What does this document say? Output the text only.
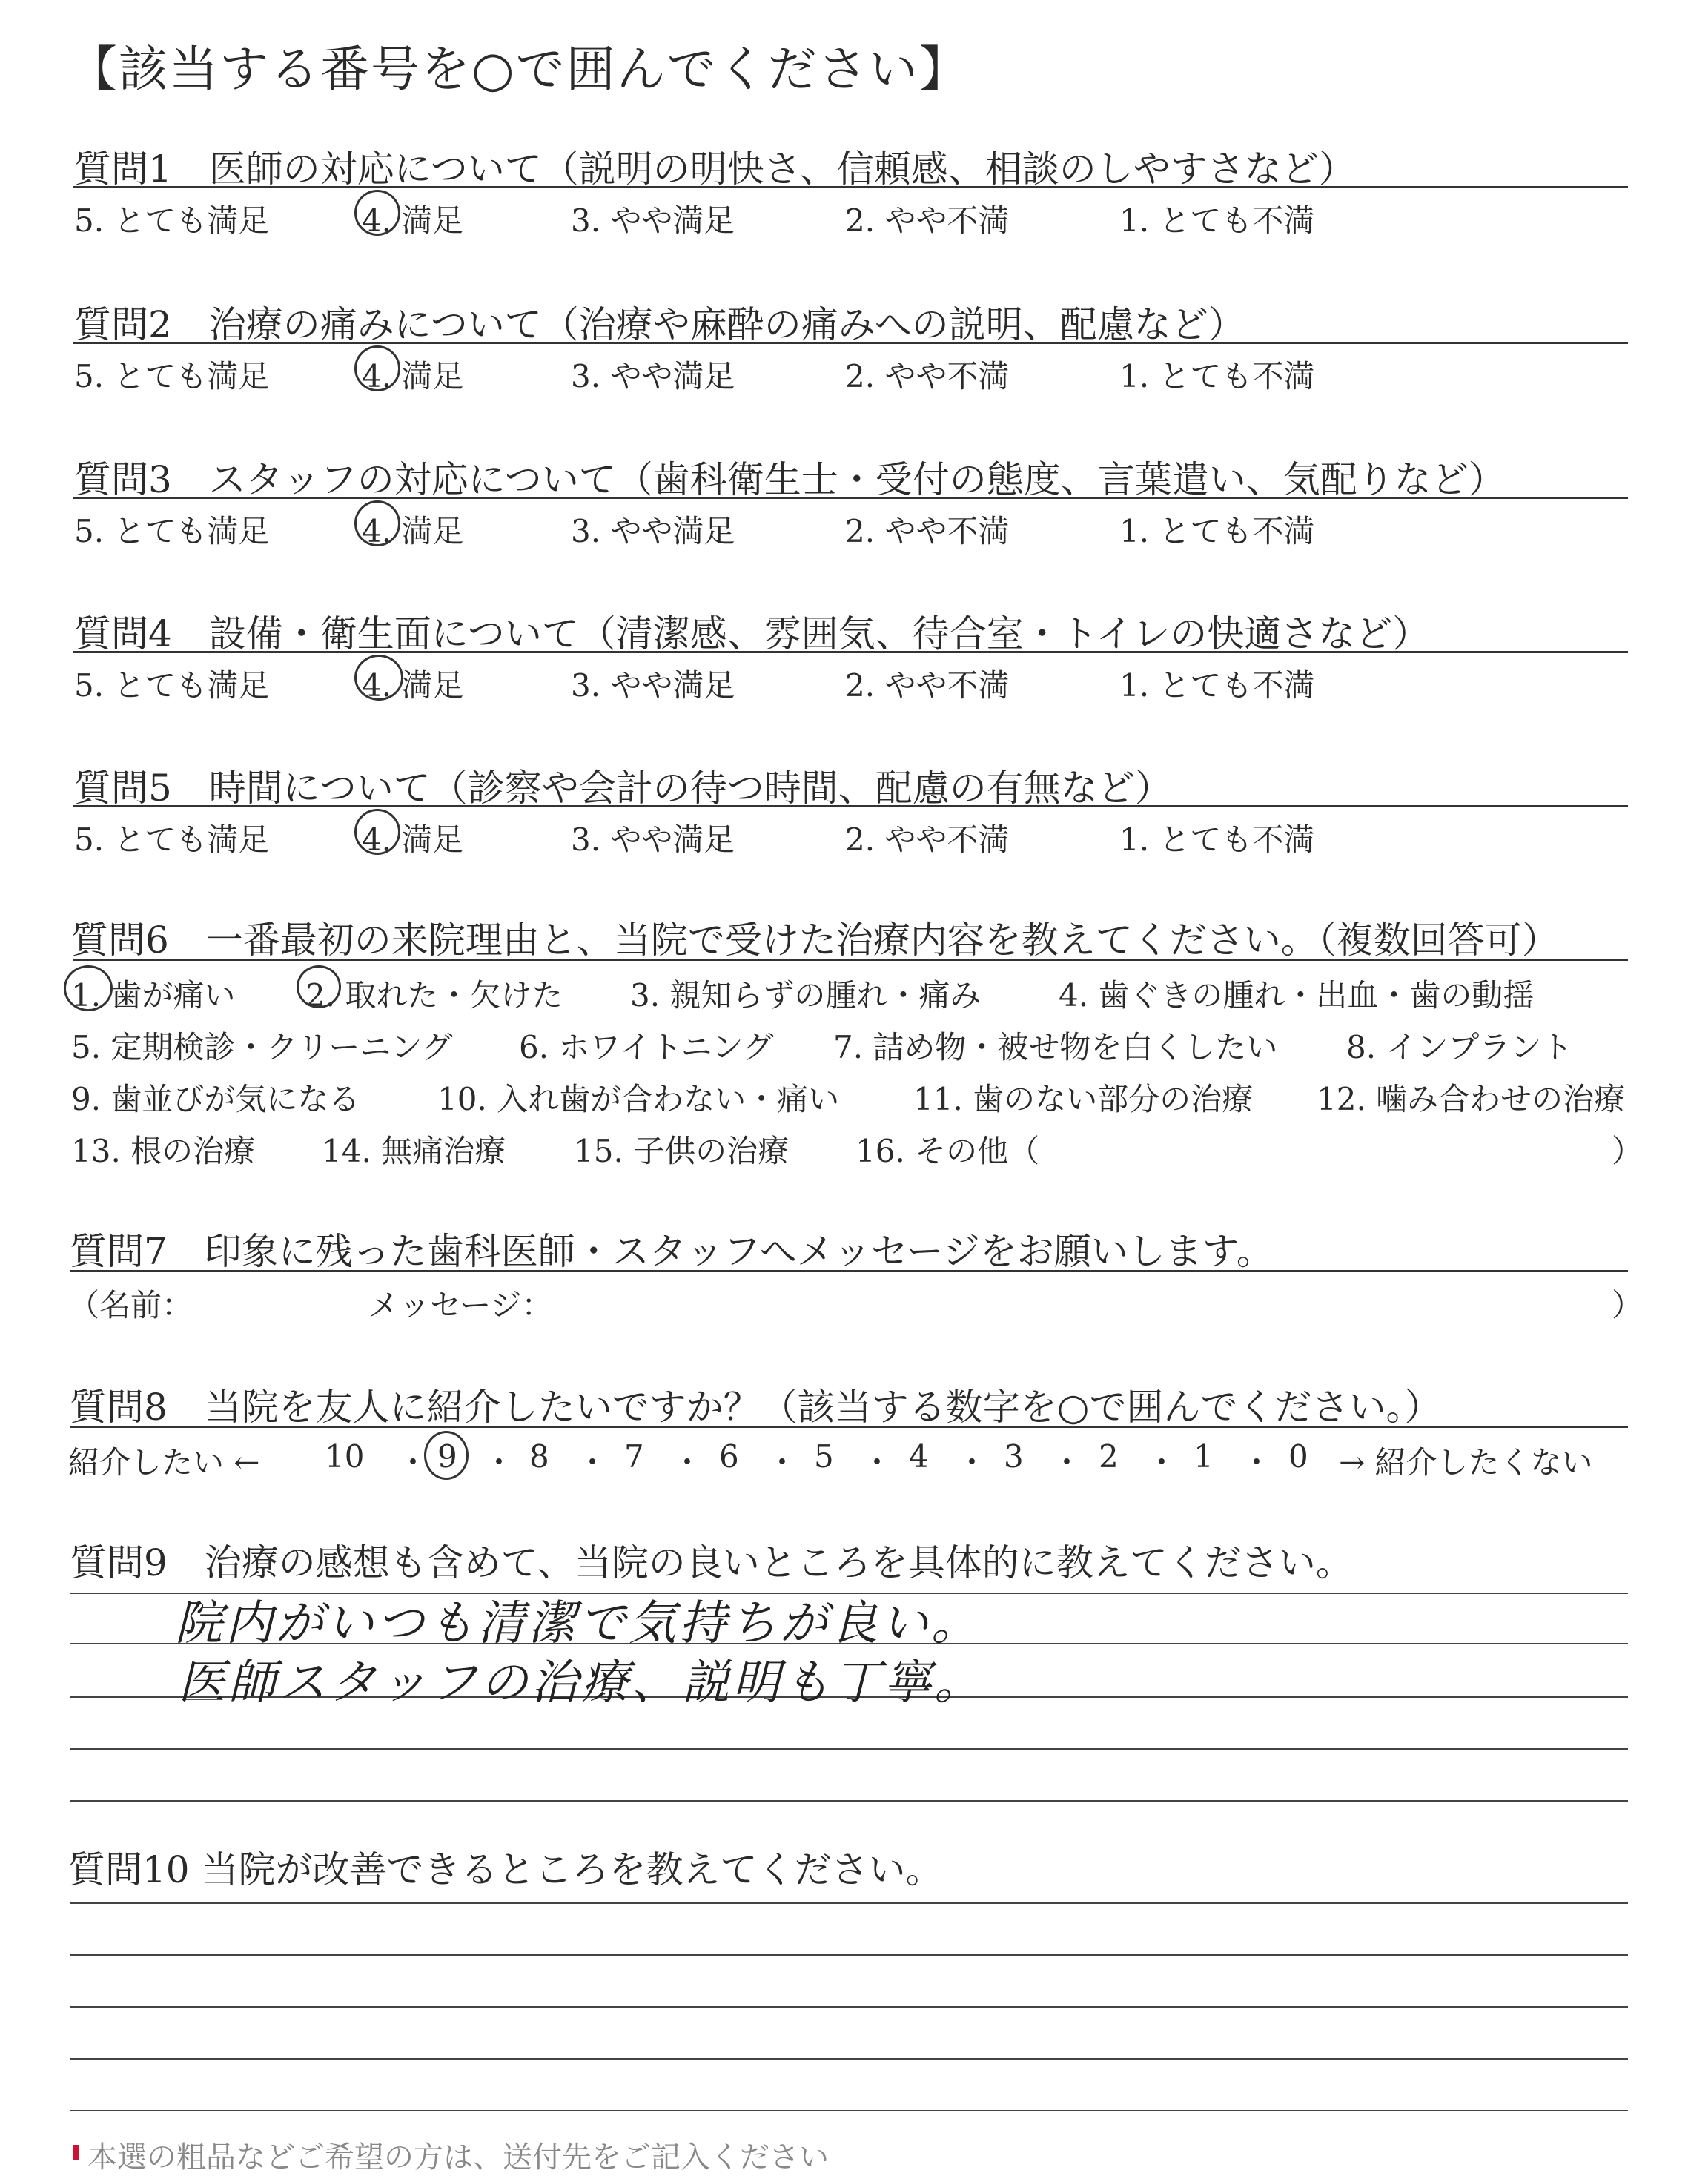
【該当する番号を○で囲んでください】
質問1　医師の対応について（説明の明快さ、信頼感、相談のしやすさなど）
5. とても満足	4. 満足	3. やや満足	2. やや不満	1. とても不満
質問2　治療の痛みについて（治療や麻酔の痛みへの説明、配慮など）
5. とても満足	4. 満足	3. やや満足	2. やや不満	1. とても不満
質問3　スタッフの対応について（歯科衛生士・受付の態度、言葉遣い、気配りなど）
5. とても満足	4. 満足	3. やや満足	2. やや不満	1. とても不満
質問4　設備・衛生面について（清潔感、雰囲気、待合室・トイレの快適さなど）
5. とても満足	4. 満足	3. やや満足	2. やや不満	1. とても不満
質問5　時間について（診察や会計の待つ時間、配慮の有無など）
5. とても満足	4. 満足	3. やや満足	2. やや不満	1. とても不満
質問6　一番最初の来院理由と、当院で受けた治療内容を教えてください。（複数回答可）
1. 歯が痛い 2. 取れた・欠けた 3. 親知らずの腫れ・痛み 4. 歯ぐきの腫れ・出血・歯の動揺
5. 定期検診・クリーニング 6. ホワイトニング 7. 詰め物・被せ物を白くしたい 8. インプラント
9. 歯並びが気になる 10. 入れ歯が合わない・痛い 11. 歯のない部分の治療 12. 噛み合わせの治療
13. 根の治療 14. 無痛治療 15. 子供の治療 16. その他（	）
質問7　印象に残った歯科医師・スタッフへメッセージをお願いします。
（名前：	メッセージ：	）
質問8　当院を友人に紹介したいですか？（該当する数字を○で囲んでください。）
紹介したい ← 10 ・ 9 ・ 8 ・ 7 ・ 6 ・ 5 ・ 4 ・ 3 ・ 2 ・ 1 ・ 0 → 紹介したくない
質問9　治療の感想も含めて、当院の良いところを具体的に教えてください。
院内がいつも清潔で気持ちが良い。
医師スタッフの治療、説明も丁寧。
質問10 当院が改善できるところを教えてください。
本選の粗品などご希望の方は、送付先をご記入ください
